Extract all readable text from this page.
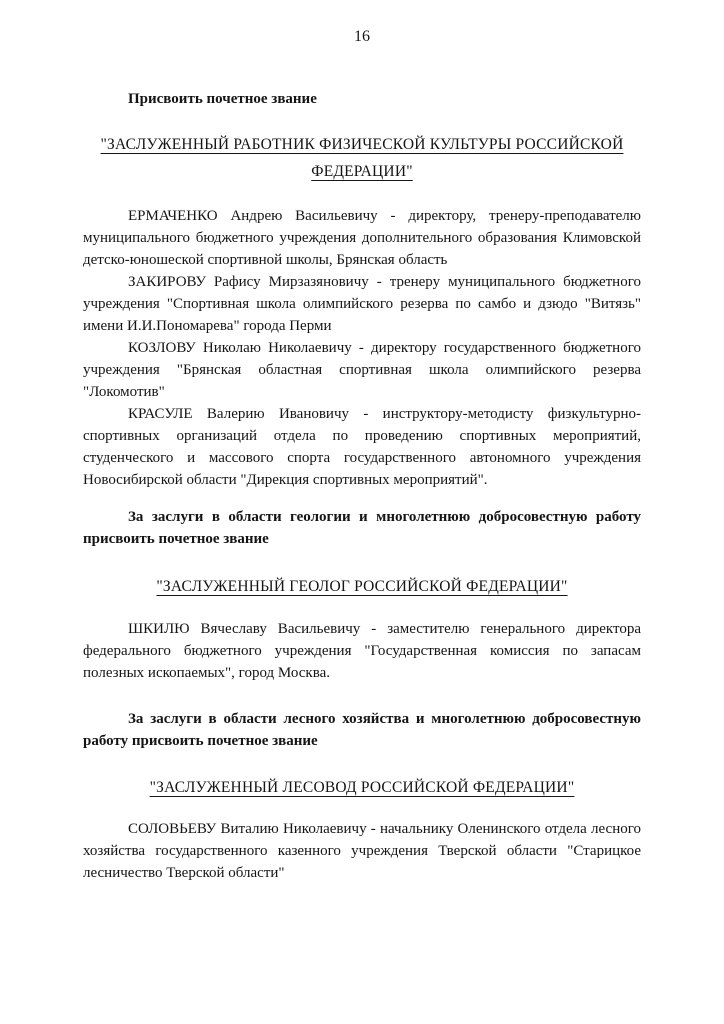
16

Присвоить почетное звание

"ЗАСЛУЖЕННЫЙ РАБОТНИК ФИЗИЧЕСКОЙ КУЛЬТУРЫ РОССИЙСКОЙ ФЕДЕРАЦИИ"

ЕРМАЧЕНКО Андрею Васильевичу - директору, тренеру-преподавателю муниципального бюджетного учреждения дополнительного образования Климовской детско-юношеской спортивной школы, Брянская область

ЗАКИРОВУ Рафису Мирзазяновичу - тренеру муниципального бюджетного учреждения "Спортивная школа олимпийского резерва по самбо и дзюдо "Витязь" имени И.И.Пономарева" города Перми

КОЗЛОВУ Николаю Николаевичу - директору государственного бюджетного учреждения "Брянская областная спортивная школа олимпийского резерва "Локомотив"

КРАСУЛЕ Валерию Ивановичу - инструктору-методисту физкультурно-спортивных организаций отдела по проведению спортивных мероприятий, студенческого и массового спорта государственного автономного учреждения Новосибирской области "Дирекция спортивных мероприятий".

За заслуги в области геологии и многолетнюю добросовестную работу присвоить почетное звание

"ЗАСЛУЖЕННЫЙ ГЕОЛОГ РОССИЙСКОЙ ФЕДЕРАЦИИ"

ШКИЛЮ Вячеславу Васильевичу - заместителю генерального директора федерального бюджетного учреждения "Государственная комиссия по запасам полезных ископаемых", город Москва.

За заслуги в области лесного хозяйства и многолетнюю добросовестную работу присвоить почетное звание

"ЗАСЛУЖЕННЫЙ ЛЕСОВОД РОССИЙСКОЙ ФЕДЕРАЦИИ"

СОЛОВЬЕВУ Виталию Николаевичу - начальнику Оленинского отдела лесного хозяйства государственного казенного учреждения Тверской области "Старицкое лесничество Тверской области"
